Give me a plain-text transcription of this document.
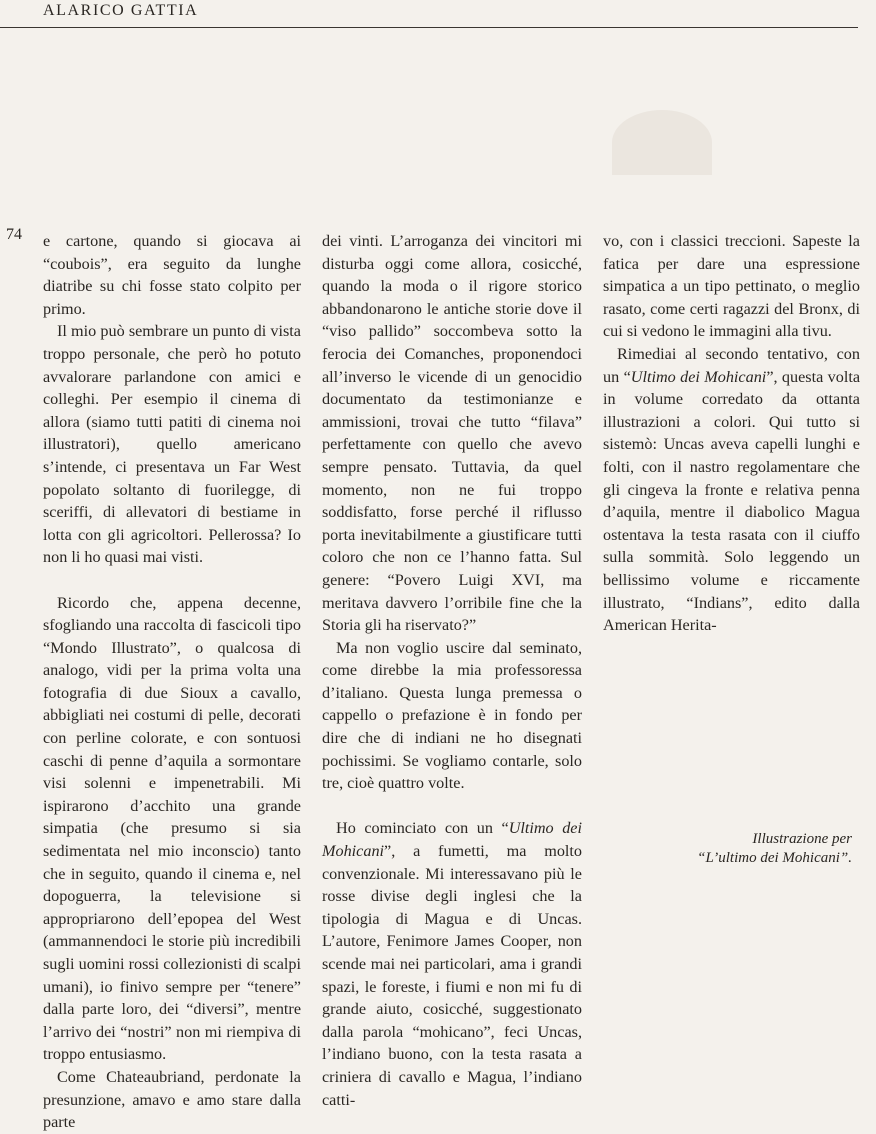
ALARICO GATTIA
74 e cartone, quando si giocava ai “coubois”, era seguito da lunghe diatribe su chi fosse stato colpito per primo.

Il mio può sembrare un punto di vista troppo personale, che però ho potuto avvalorare parlandone con amici e colleghi. Per esempio il cinema di allora (siamo tutti patiti di cinema noi illustratori), quello americano s’intende, ci presentava un Far West popolato soltanto di fuorilegge, di sceriffi, di allevatori di bestiame in lotta con gli agricoltori. Pellerossa? Io non li ho quasi mai visti.

Ricordo che, appena decenne, sfogliando una raccolta di fascicoli tipo “Mondo Illustrato”, o qualcosa di analogo, vidi per la prima volta una fotografia di due Sioux a cavallo, abbigliati nei costumi di pelle, decorati con perline colorate, e con sontuosi caschi di penne d’aquila a sormontare visi solenni e impenetrabili. Mi ispirarono d’acchito una grande simpatia (che presumo si sia sedimentata nel mio inconscio) tanto che in seguito, quando il cinema e, nel dopoguerra, la televisione si appropriarono dell’epopea del West (ammannendoci le storie più incredibili sugli uomini rossi collezionisti di scalpi umani), io finivo sempre per “tenere” dalla parte loro, dei “diversi”, mentre l’arrivo dei “nostri” non mi riempiva di troppo entusiasmo.

Come Chateaubriand, perdonate la presunzione, amavo e amo stare dalla parte

dei vinti. L’arroganza dei vincitori mi disturba oggi come allora, cosicché, quando la moda o il rigore storico abbandonarono le antiche storie dove il “viso pallido” soccombeva sotto la ferocia dei Comanches, proponendoci all’inverso le vicende di un genocidio documentato da testimonianze e ammissioni, trovai che tutto “filava” perfettamente con quello che avevo sempre pensato. Tuttavia, da quel momento, non ne fui troppo soddisfatto, forse perché il riflusso porta inevitabilmente a giustificare tutti coloro che non ce l’hanno fatta. Sul genere: “Povero Luigi XVI, ma meritava davvero l’orribile fine che la Storia gli ha riservato?”

Ma non voglio uscire dal seminato, come direbbe la mia professoressa d’italiano. Questa lunga premessa o cappello o prefazione è in fondo per dire che di indiani ne ho disegnati pochissimi. Se vogliamo contarle, solo tre, cioè quattro volte.

Ho cominciato con un “Ultimo dei Mohicani”, a fumetti, ma molto convenzionale. Mi interessavano più le rosse divise degli inglesi che la tipologia di Magua e di Uncas. L’autore, Fenimore James Cooper, non scende mai nei particolari, ama i grandi spazi, le foreste, i fiumi e non mi fu di grande aiuto, cosicché, suggestionato dalla parola “mohicano”, feci Uncas, l’indiano buono, con la testa rasata a criniera di cavallo e Magua, l’indiano catti-

vo, con i classici treccioni. Sapeste la fatica per dare una espressione simpatica a un tipo pettinato, o meglio rasato, come certi ragazzi del Bronx, di cui si vedono le immagini alla tivu.

Rimediai al secondo tentativo, con un “Ultimo dei Mohicani”, questa volta in volume corredato da ottanta illustrazioni a colori. Qui tutto si sistemò: Uncas aveva capelli lunghi e folti, con il nastro regolamentare che gli cingeva la fronte e relativa penna d’aquila, mentre il diabolico Magua ostentava la testa rasata con il ciuffo sulla sommità. Solo leggendo un bellissimo volume e riccamente illustrato, “Indians”, edito dalla American Herita-

Illustrazione per
“L’ultimo dei Mohicani”.
